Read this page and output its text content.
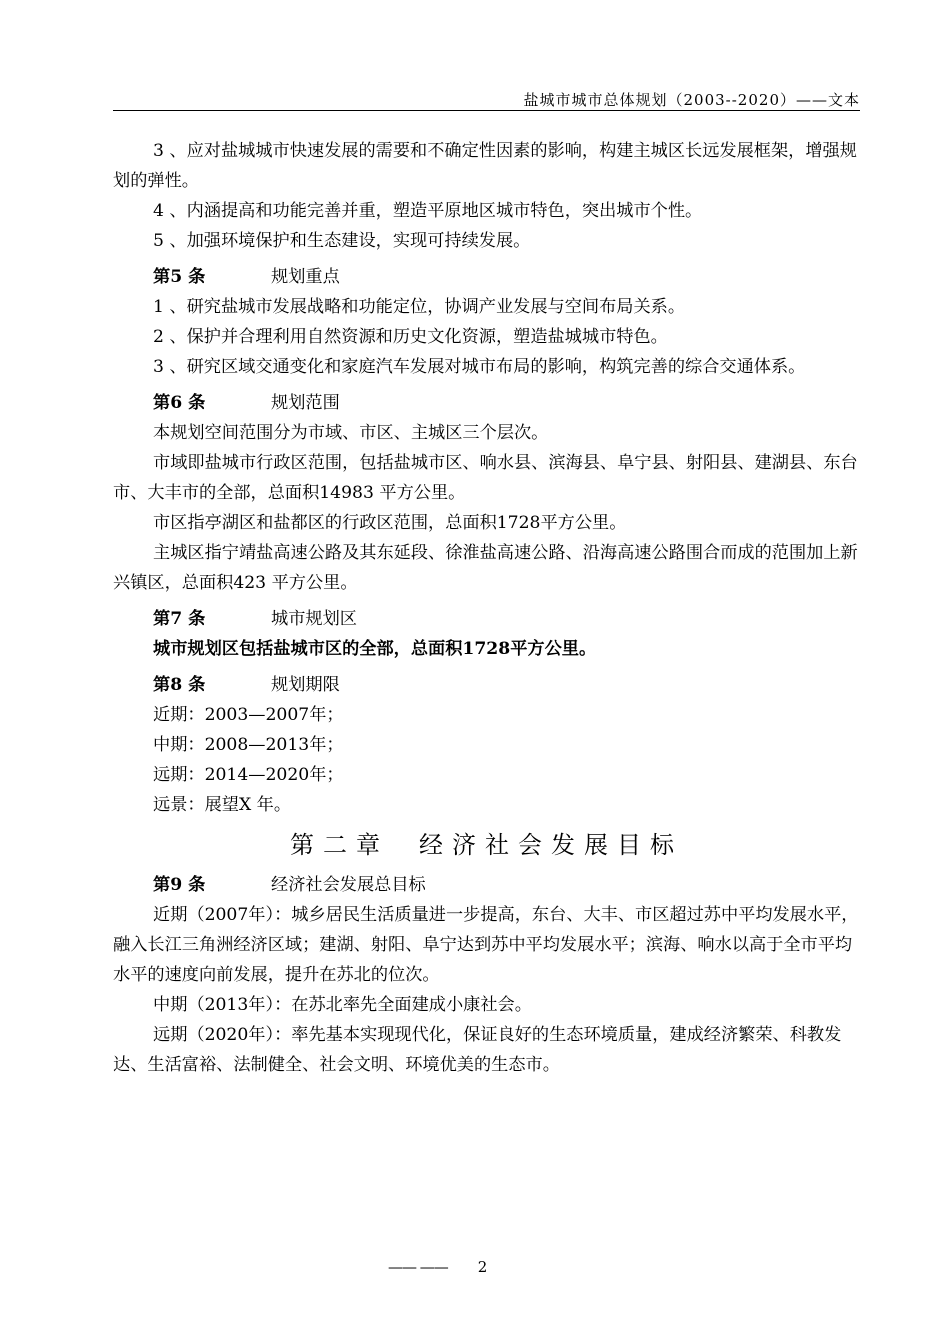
盐城市城市总体规划（2003--2020）——文本

3 、应对盐城城市快速发展的需要和不确定性因素的影响，构建主城区长远发展框架，增强规划的弹性。

4 、内涵提高和功能完善并重，塑造平原地区城市特色，突出城市个性。

5 、加强环境保护和生态建设，实现可持续发展。

第5 条	规划重点

1 、研究盐城市发展战略和功能定位，协调产业发展与空间布局关系。

2 、保护并合理利用自然资源和历史文化资源，塑造盐城城市特色。

3 、研究区域交通变化和家庭汽车发展对城市布局的影响，构筑完善的综合交通体系。

第6 条	规划范围

本规划空间范围分为市域、市区、主城区三个层次。

市域即盐城市行政区范围，包括盐城市区、响水县、滨海县、阜宁县、射阳县、建湖县、东台市、大丰市的全部，总面积14983 平方公里。

市区指亭湖区和盐都区的行政区范围，总面积1728平方公里。

主城区指宁靖盐高速公路及其东延段、徐淮盐高速公路、沿海高速公路围合而成的范围加上新兴镇区，总面积423 平方公里。

第7 条	城市规划区

城市规划区包括盐城市区的全部，总面积1728平方公里。

第8 条	规划期限

近期：2003—2007年；

中期：2008—2013年；

远期：2014—2020年；

远景：展望X 年。

第二章 经济社会发展目标

第9 条	经济社会发展总目标

近期（2007年）：城乡居民生活质量进一步提高，东台、大丰、市区超过苏中平均发展水平，融入长江三角洲经济区域；建湖、射阳、阜宁达到苏中平均发展水平；滨海、响水以高于全市平均水平的速度向前发展，提升在苏北的位次。

中期（2013年）：在苏北率先全面建成小康社会。

远期（2020年）：率先基本实现现代化，保证良好的生态环境质量，建成经济繁荣、科教发达、生活富裕、法制健全、社会文明、环境优美的生态市。

—— —— 2
